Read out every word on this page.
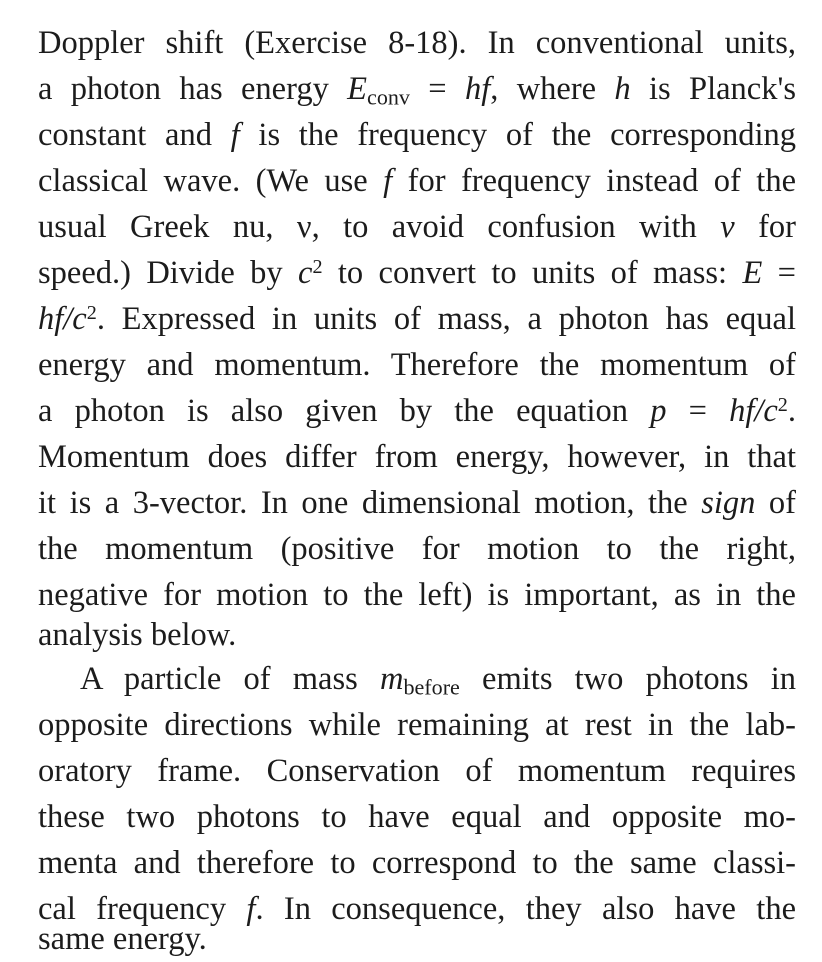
Doppler shift (Exercise 8-18). In conventional units,
a photon has energy $E_{conv}$ = hf, where h is Planck's
constant and f is the frequency of the corresponding
classical wave. (We use f for frequency instead of the
usual Greek nu, ν, to avoid confusion with v for
speed.) Divide by $c^2$ to convert to units of mass: E =
$hf/c^2$. Expressed in units of mass, a photon has equal
energy and momentum. Therefore the momentum of
a photon is also given by the equation $p = hf/c^2$.
Momentum does differ from energy, however, in that
it is a 3-vector. In one dimensional motion, the sign of
the momentum (positive for motion to the right,
negative for motion to the left) is important, as in the
analysis below.
A particle of mass $m_{before}$ emits two photons in
opposite directions while remaining at rest in the lab-
oratory frame. Conservation of momentum requires
these two photons to have equal and opposite mo-
menta and therefore to correspond to the same classi-
cal frequency f. In consequence, they also have the
same energy.
